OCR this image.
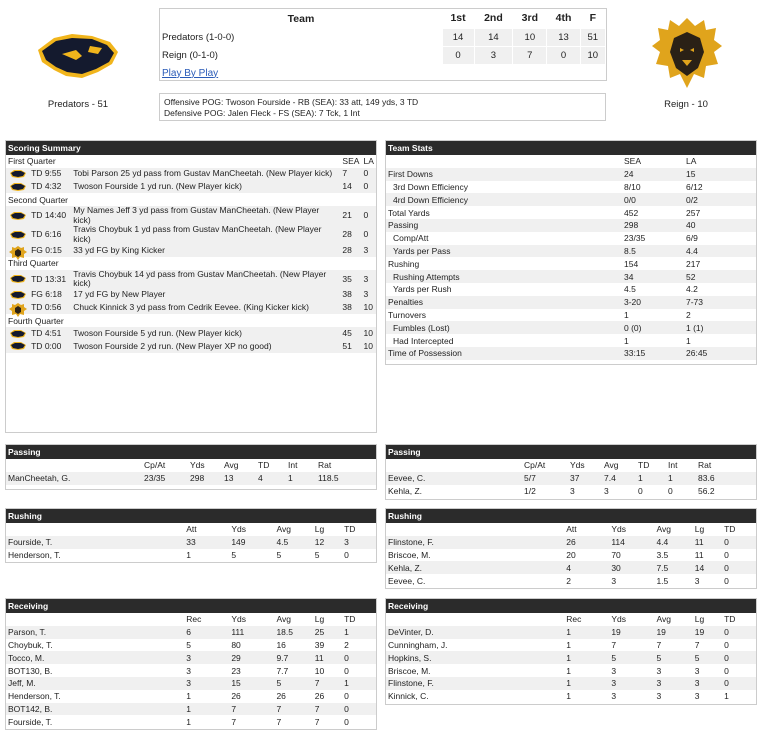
Predators - 51	Reign - 10
Team	1st	2nd	3rd	4th	F
Predators (1-0-0)	14	14	10	13	51
Reign (0-1-0)	0	3	7	0	10
Play By Play					
Offensive POG: Twoson Fourside - RB (SEA): 33 att, 149 yds, 3 TD
Defensive POG: Jalen Fleck - FS (SEA): 7 Tck, 1 Int
Scoring Summary
First Quarter			SEA	LA
	TD 9:55	Tobi Parson 25 yd pass from Gustav ManCheetah. (New Player kick)	7	0
	TD 4:32	Twoson Fourside 1 yd run. (New Player kick)	14	0
Second Quarter				
	TD 14:40	My Names Jeff 3 yd pass from Gustav ManCheetah. (New Player kick)	21	0
	TD 6:16	Travis Choybuk 1 yd pass from Gustav ManCheetah. (New Player kick)	28	0
	FG 0:15	33 yd FG by King Kicker	28	3
Third Quarter				
	TD 13:31	Travis Choybuk 14 yd pass from Gustav ManCheetah. (New Player kick)	35	3
	FG 6:18	17 yd FG by New Player	38	3
	TD 0:56	Chuck Kinnick 3 yd pass from Cedrik Eevee. (King Kicker kick)	38	10
Fourth Quarter				
	TD 4:51	Twoson Fourside 5 yd run. (New Player kick)	45	10
	TD 0:00	Twoson Fourside 2 yd run. (New Player XP no good)	51	10
Team Stats
	SEA	LA
First Downs	24	15
3rd Down Efficiency	8/10	6/12
4rd Down Efficiency	0/0	0/2
Total Yards	452	257
Passing	298	40
Comp/Att	23/35	6/9
Yards per Pass	8.5	4.4
Rushing	154	217
Rushing Attempts	34	52
Yards per Rush	4.5	4.2
Penalties	3-20	7-73
Turnovers	1	2
Fumbles (Lost)	0 (0)	1 (1)
Had Intercepted	1	1
Time of Possession	33:15	26:45
Passing
	Cp/At	Yds	Avg	TD	Int	Rat
ManCheetah, G.	23/35	298	13	4	1	118.5
Passing
	Cp/At	Yds	Avg	TD	Int	Rat
Eevee, C.	5/7	37	7.4	1	1	83.6
Kehla, Z.	1/2	3	3	0	0	56.2
Rushing
	Att	Yds	Avg	Lg	TD
Fourside, T.	33	149	4.5	12	3
Henderson, T.	1	5	5	5	0
Rushing
	Att	Yds	Avg	Lg	TD
Flinstone, F.	26	114	4.4	11	0
Briscoe, M.	20	70	3.5	11	0
Kehla, Z.	4	30	7.5	14	0
Eevee, C.	2	3	1.5	3	0
Receiving
	Rec	Yds	Avg	Lg	TD
Parson, T.	6	111	18.5	25	1
Choybuk, T.	5	80	16	39	2
Tocco, M.	3	29	9.7	11	0
BOT130, B.	3	23	7.7	10	0
Jeff, M.	3	15	5	7	1
Henderson, T.	1	26	26	26	0
BOT142, B.	1	7	7	7	0
Fourside, T.	1	7	7	7	0
Receiving
	Rec	Yds	Avg	Lg	TD
DeVinter, D.	1	19	19	19	0
Cunningham, J.	1	7	7	7	0
Hopkins, S.	1	5	5	5	0
Briscoe, M.	1	3	3	3	0
Flinstone, F.	1	3	3	3	0
Kinnick, C.	1	3	3	3	1
